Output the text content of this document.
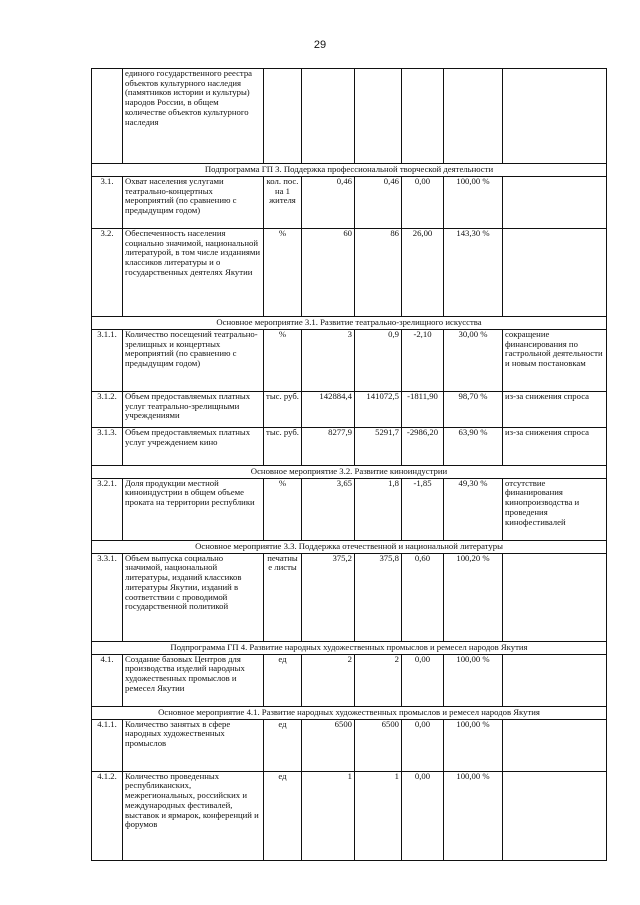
29
	единого государственного реестра объектов культурного наследия (памятников истории и культуры) народов России, в общем количестве объектов культурного наследия						
Подпрограмма ГП 3. Поддержка профессиональной творческой деятельности							
3.1.	Охват населения услугами театрально-концертных мероприятий (по сравнению с предыдущим годом)	кол. пос. на 1 жителя	0,46	0,46	0,00	100,00 %	
3.2.	Обеспеченность населения социально значимой, национальной литературой, в том числе изданиями классиков литературы и о государственных деятелях Якутии	%	60	86	26,00	143,30 %	
Основное мероприятие 3.1. Развитие театрально-зрелищного искусства							
3.1.1.	Количество посещений театрально-зрелищных и концертных мероприятий (по сравнению с предыдущим годом)	%	3	0,9	-2,10	30,00 %	сокращение финансирования по гастрольной деятельности и новым постановкам
3.1.2.	Объем предоставляемых платных услуг театрально-зрелищными учреждениями	тыс. руб.	142884,4	141072,5	-1811,90	98,70 %	из-за снижения спроса
3.1.3.	Объем предоставляемых платных услуг учреждением кино	тыс. руб.	8277,9	5291,7	-2986,20	63,90 %	из-за снижения спроса
Основное мероприятие 3.2. Развитие киноиндустрии							
3.2.1.	Доля продукции местной киноиндустрии в общем объеме проката на территории республики	%	3,65	1,8	-1,85	49,30 %	отсутствие финанирования кинопроизводства и проведения кинофестивалей
Основное мероприятие 3.3. Поддержка отечественной и национальной литературы							
3.3.1.	Объем выпуска социально значимой, национальной литературы, изданий классиков литературы Якутии, изданий в соответствии с проводимой государственной политикой	печатные листы	375,2	375,8	0,60	100,20 %	
Подпрограмма ГП 4. Развитие народных художественных промыслов и ремесел народов Якутия							
4.1.	Создание базовых Центров для производства изделий народных художественных промыслов и ремесел Якутии	ед	2	2	0,00	100,00 %	
Основное мероприятие 4.1. Развитие народных художественных промыслов и ремесел народов Якутия							
4.1.1.	Количество занятых в сфере народных художественных промыслов	ед	6500	6500	0,00	100,00 %	
4.1.2.	Количество проведенных республиканских, межрегиональных, российских и международных фестивалей, выставок и ярмарок, конференций и форумов	ед	1	1	0,00	100,00 %	
